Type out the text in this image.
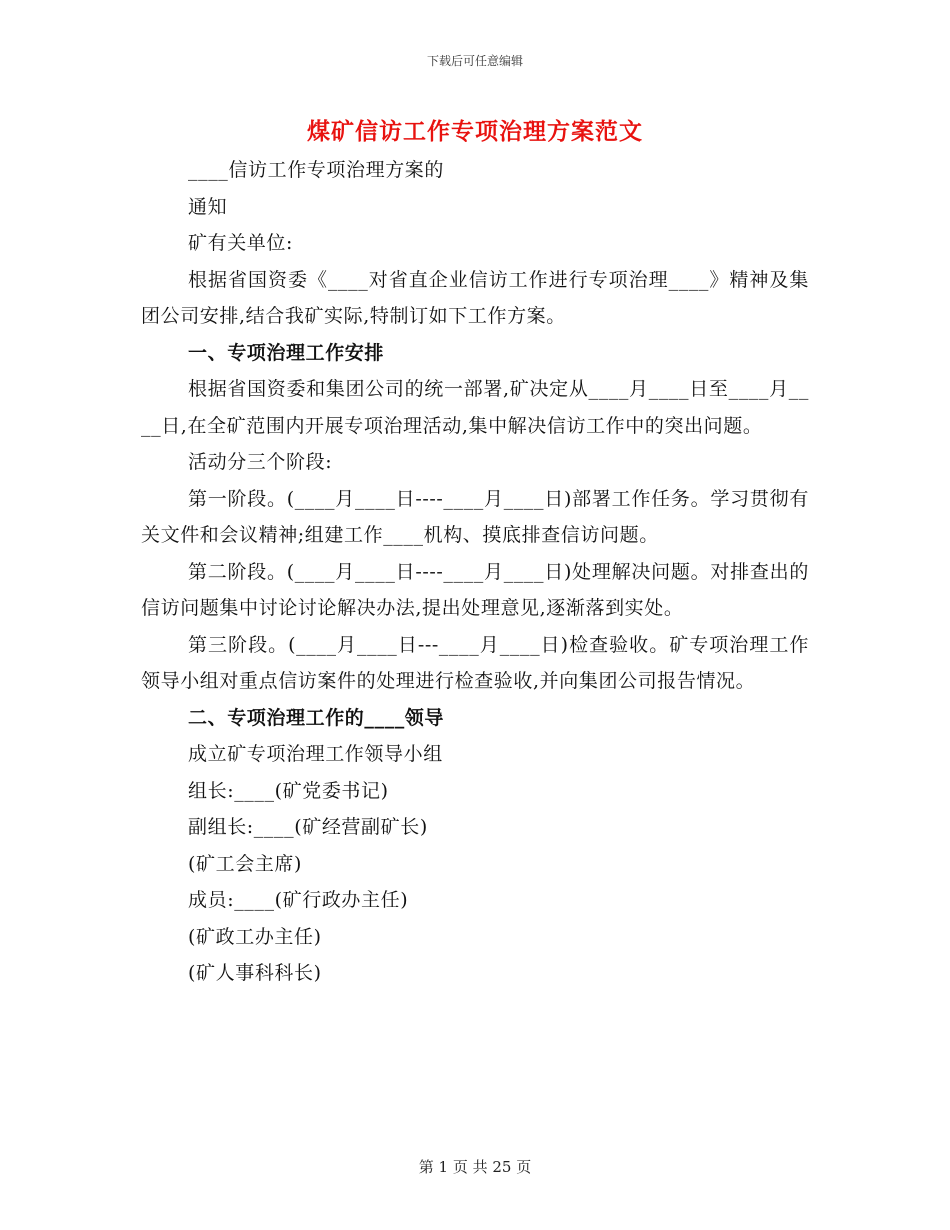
下载后可任意编辑
煤矿信访工作专项治理方案范文

____信访工作专项治理方案的

通知

矿有关单位:

根据省国资委《____对省直企业信访工作进行专项治理____》精神及集团公司安排,结合我矿实际,特制订如下工作方案。

一、专项治理工作安排

根据省国资委和集团公司的统一部署,矿决定从____月____日至____月____日,在全矿范围内开展专项治理活动,集中解决信访工作中的突出问题。

活动分三个阶段:

第一阶段。(____月____日----____月____日)部署工作任务。学习贯彻有关文件和会议精神;组建工作____机构、摸底排查信访问题。

第二阶段。(____月____日----____月____日)处理解决问题。对排查出的信访问题集中讨论讨论解决办法,提出处理意见,逐渐落到实处。

第三阶段。(____月____日---____月____日)检查验收。矿专项治理工作领导小组对重点信访案件的处理进行检查验收,并向集团公司报告情况。

二、专项治理工作的____领导

成立矿专项治理工作领导小组

组长:____(矿党委书记)

副组长:____(矿经营副矿长)

(矿工会主席)

成员:____(矿行政办主任)

(矿政工办主任)

(矿人事科科长)

第 1 页 共 25 页
